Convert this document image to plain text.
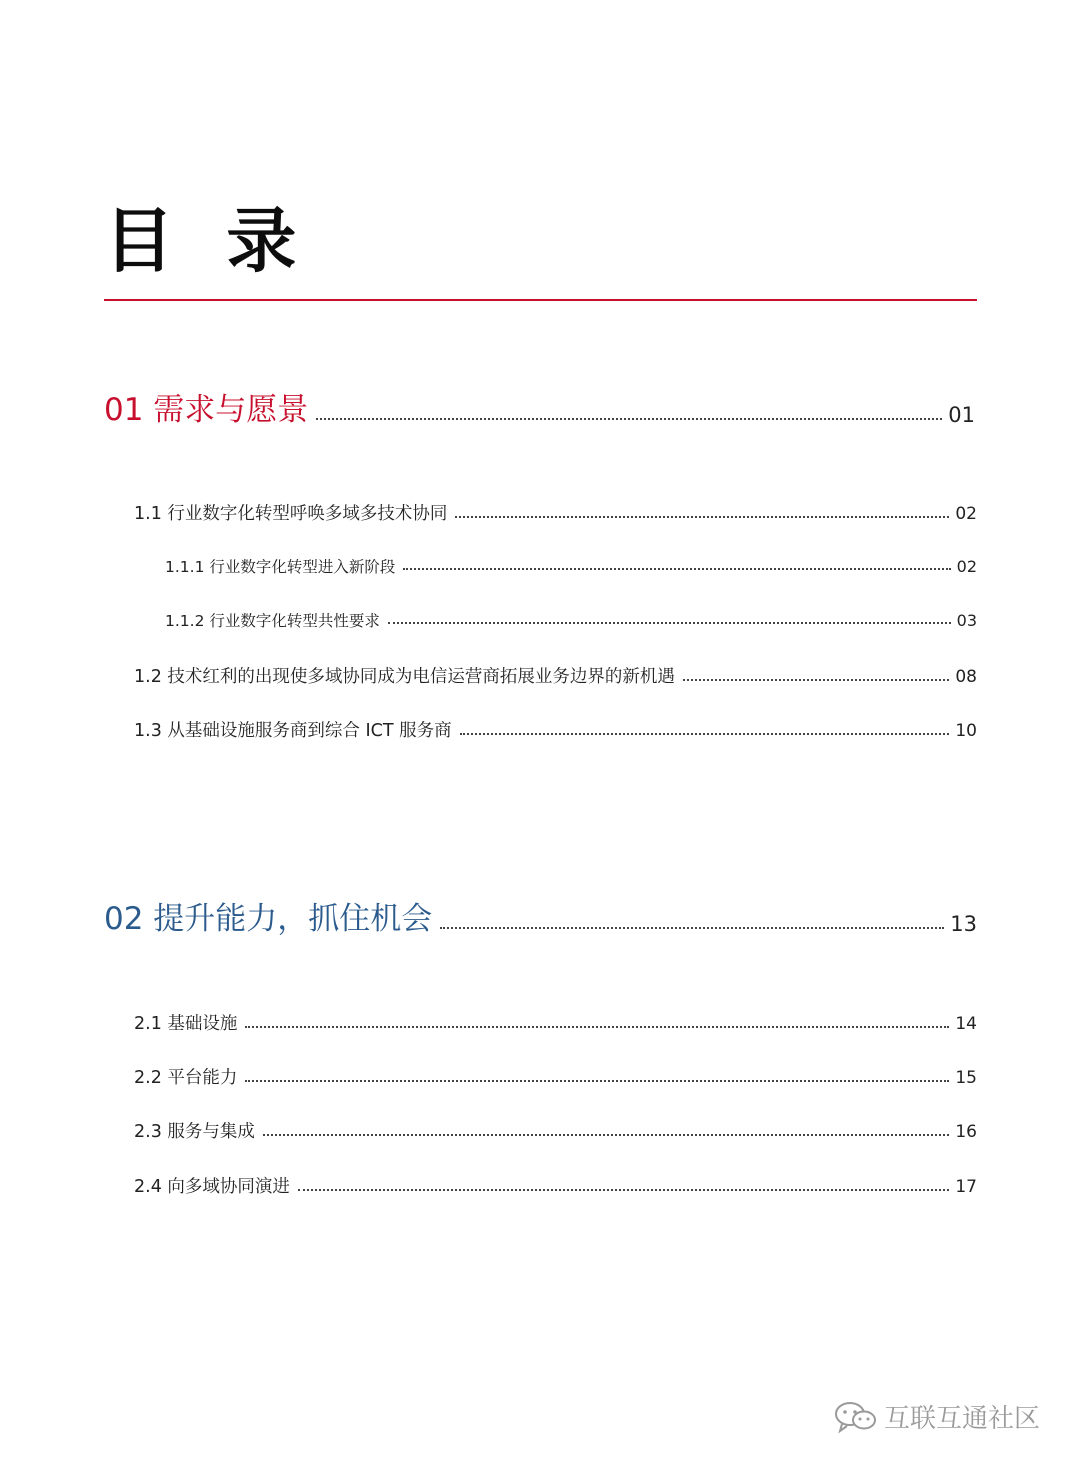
目 录
01 需求与愿景	01
1.1 行业数字化转型呼唤多域多技术协同	02
1.1.1 行业数字化转型进入新阶段	02
1.1.2 行业数字化转型共性要求	03
1.2 技术红利的出现使多域协同成为电信运营商拓展业务边界的新机遇	08
1.3 从基础设施服务商到综合 ICT 服务商	10
02 提升能力，抓住机会	13
2.1 基础设施	14
2.2 平台能力	15
2.3 服务与集成	16
2.4 向多域协同演进	17
互联互通社区
